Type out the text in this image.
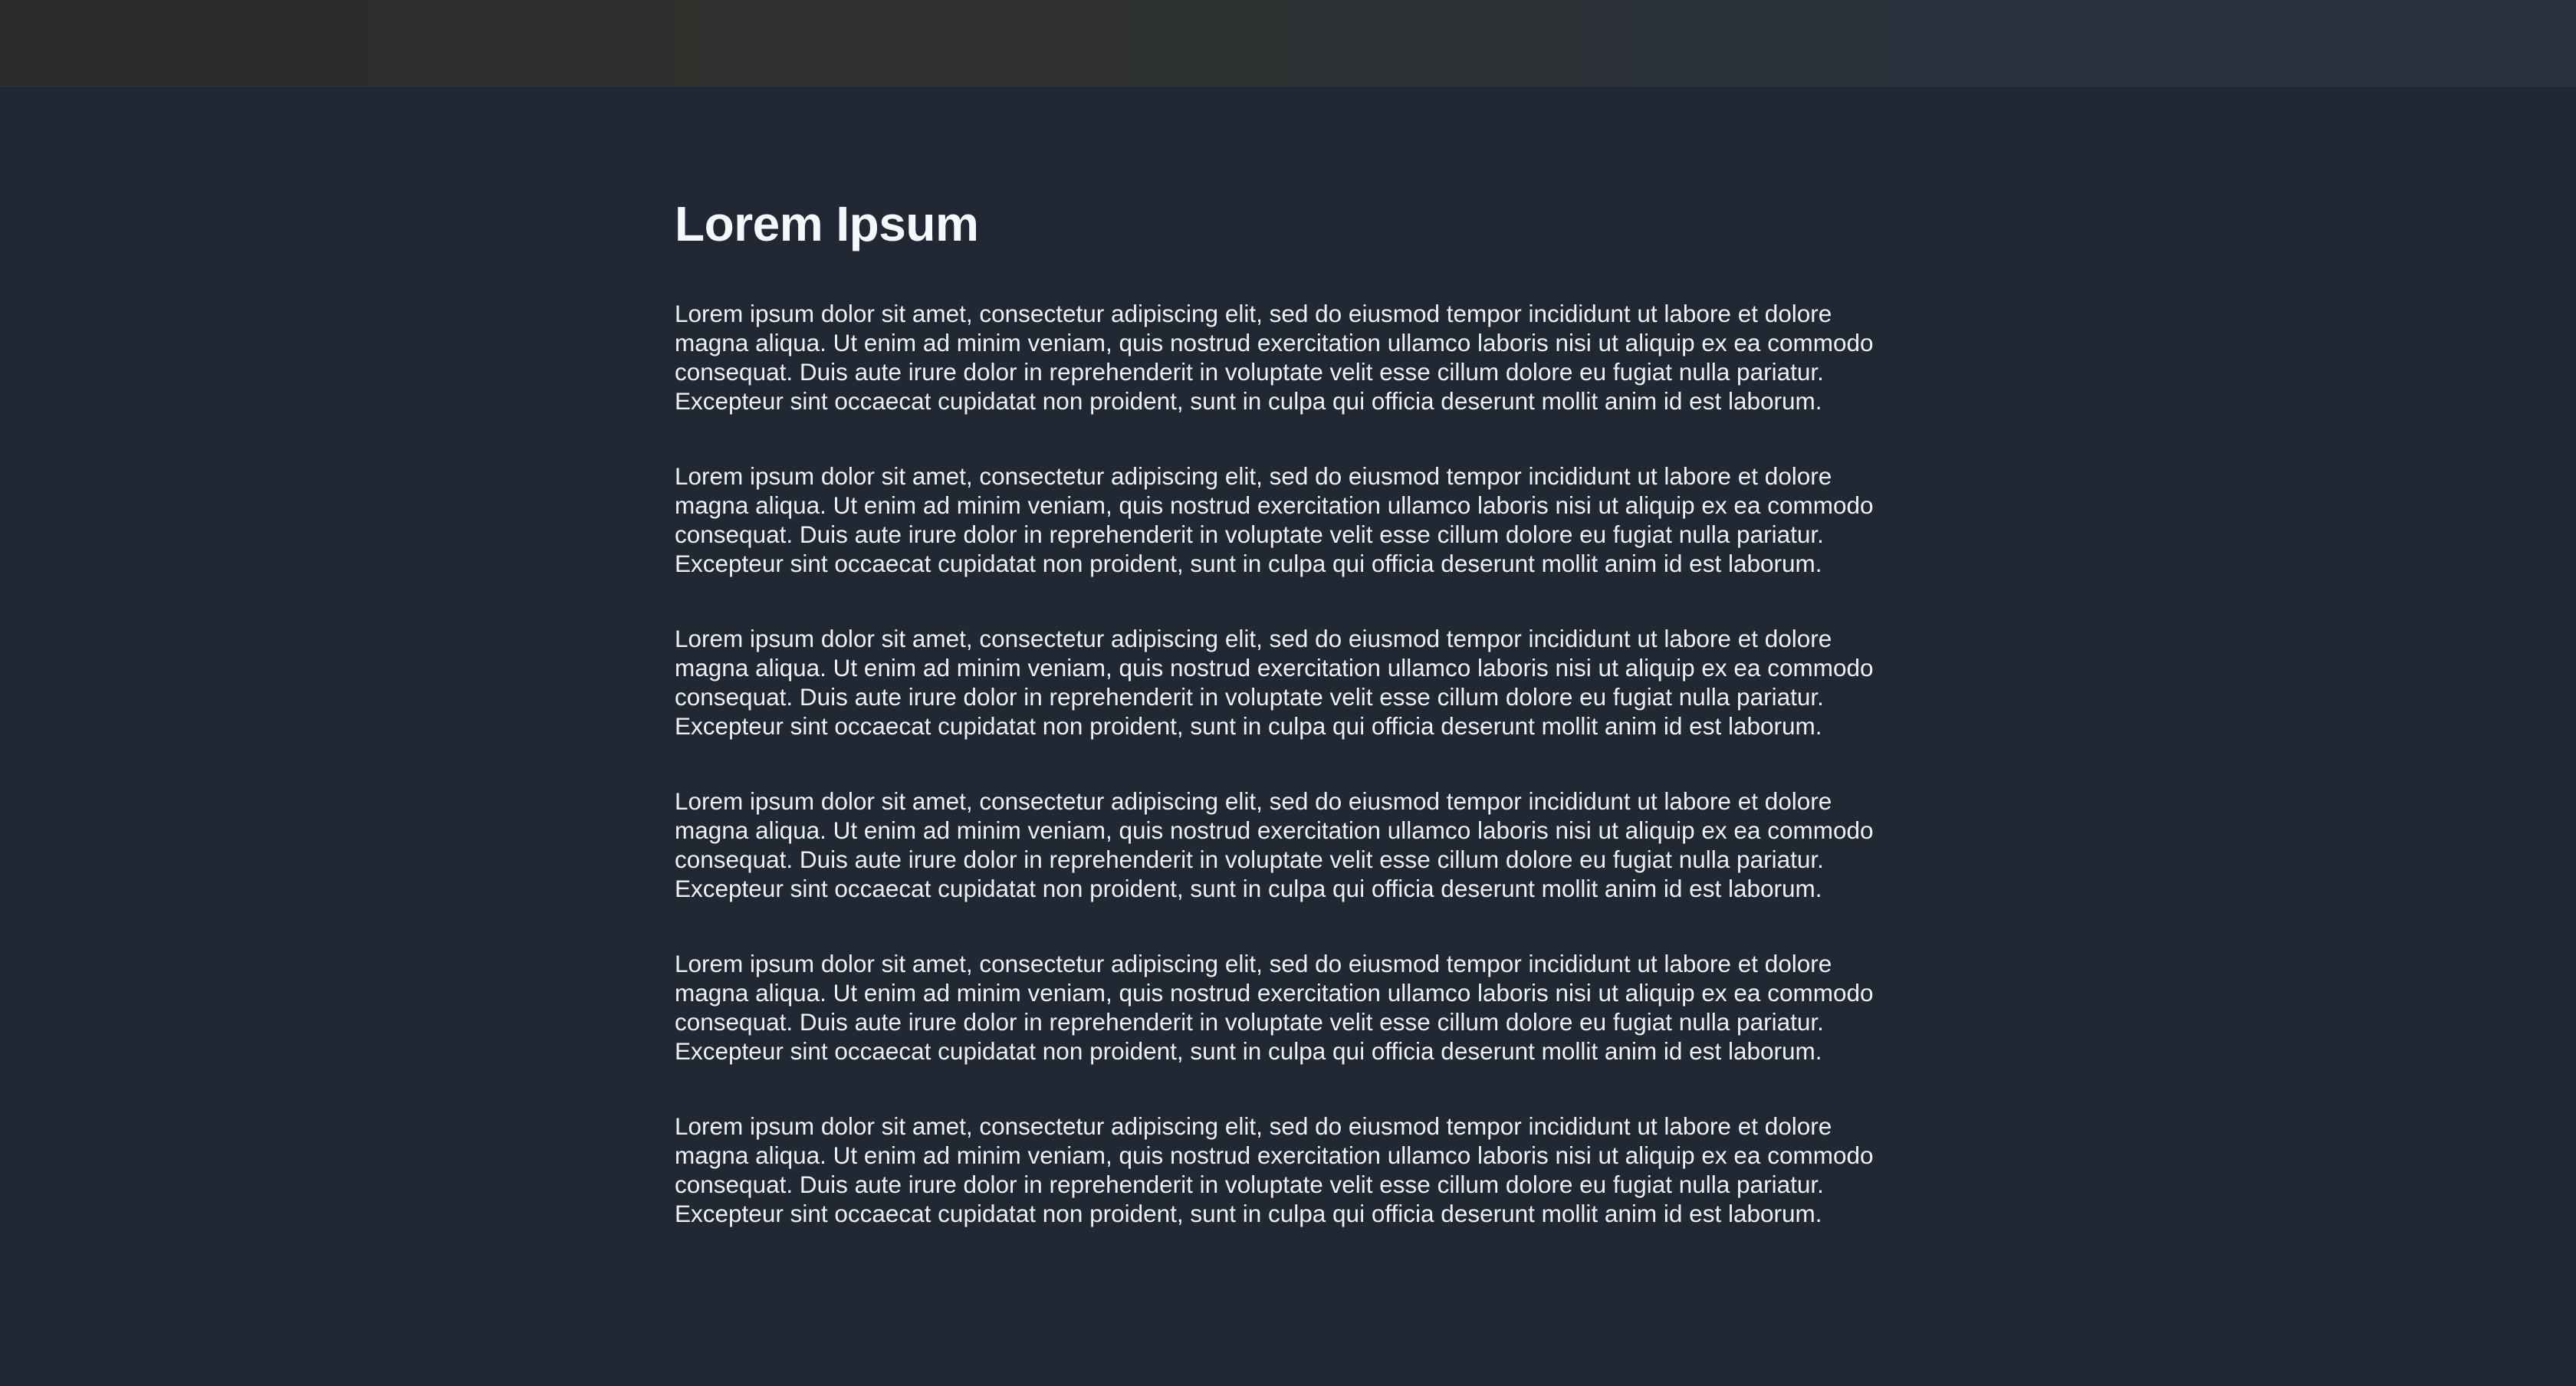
Lorem Ipsum

Lorem ipsum dolor sit amet, consectetur adipiscing elit, sed do eiusmod tempor incididunt ut labore et dolore magna aliqua. Ut enim ad minim veniam, quis nostrud exercitation ullamco laboris nisi ut aliquip ex ea commodo consequat. Duis aute irure dolor in reprehenderit in voluptate velit esse cillum dolore eu fugiat nulla pariatur. Excepteur sint occaecat cupidatat non proident, sunt in culpa qui officia deserunt mollit anim id est laborum.

Lorem ipsum dolor sit amet, consectetur adipiscing elit, sed do eiusmod tempor incididunt ut labore et dolore magna aliqua. Ut enim ad minim veniam, quis nostrud exercitation ullamco laboris nisi ut aliquip ex ea commodo consequat. Duis aute irure dolor in reprehenderit in voluptate velit esse cillum dolore eu fugiat nulla pariatur. Excepteur sint occaecat cupidatat non proident, sunt in culpa qui officia deserunt mollit anim id est laborum.

Lorem ipsum dolor sit amet, consectetur adipiscing elit, sed do eiusmod tempor incididunt ut labore et dolore magna aliqua. Ut enim ad minim veniam, quis nostrud exercitation ullamco laboris nisi ut aliquip ex ea commodo consequat. Duis aute irure dolor in reprehenderit in voluptate velit esse cillum dolore eu fugiat nulla pariatur. Excepteur sint occaecat cupidatat non proident, sunt in culpa qui officia deserunt mollit anim id est laborum.

Lorem ipsum dolor sit amet, consectetur adipiscing elit, sed do eiusmod tempor incididunt ut labore et dolore magna aliqua. Ut enim ad minim veniam, quis nostrud exercitation ullamco laboris nisi ut aliquip ex ea commodo consequat. Duis aute irure dolor in reprehenderit in voluptate velit esse cillum dolore eu fugiat nulla pariatur. Excepteur sint occaecat cupidatat non proident, sunt in culpa qui officia deserunt mollit anim id est laborum.

Lorem ipsum dolor sit amet, consectetur adipiscing elit, sed do eiusmod tempor incididunt ut labore et dolore magna aliqua. Ut enim ad minim veniam, quis nostrud exercitation ullamco laboris nisi ut aliquip ex ea commodo consequat. Duis aute irure dolor in reprehenderit in voluptate velit esse cillum dolore eu fugiat nulla pariatur. Excepteur sint occaecat cupidatat non proident, sunt in culpa qui officia deserunt mollit anim id est laborum.

Lorem ipsum dolor sit amet, consectetur adipiscing elit, sed do eiusmod tempor incididunt ut labore et dolore magna aliqua. Ut enim ad minim veniam, quis nostrud exercitation ullamco laboris nisi ut aliquip ex ea commodo consequat. Duis aute irure dolor in reprehenderit in voluptate velit esse cillum dolore eu fugiat nulla pariatur. Excepteur sint occaecat cupidatat non proident, sunt in culpa qui officia deserunt mollit anim id est laborum.
